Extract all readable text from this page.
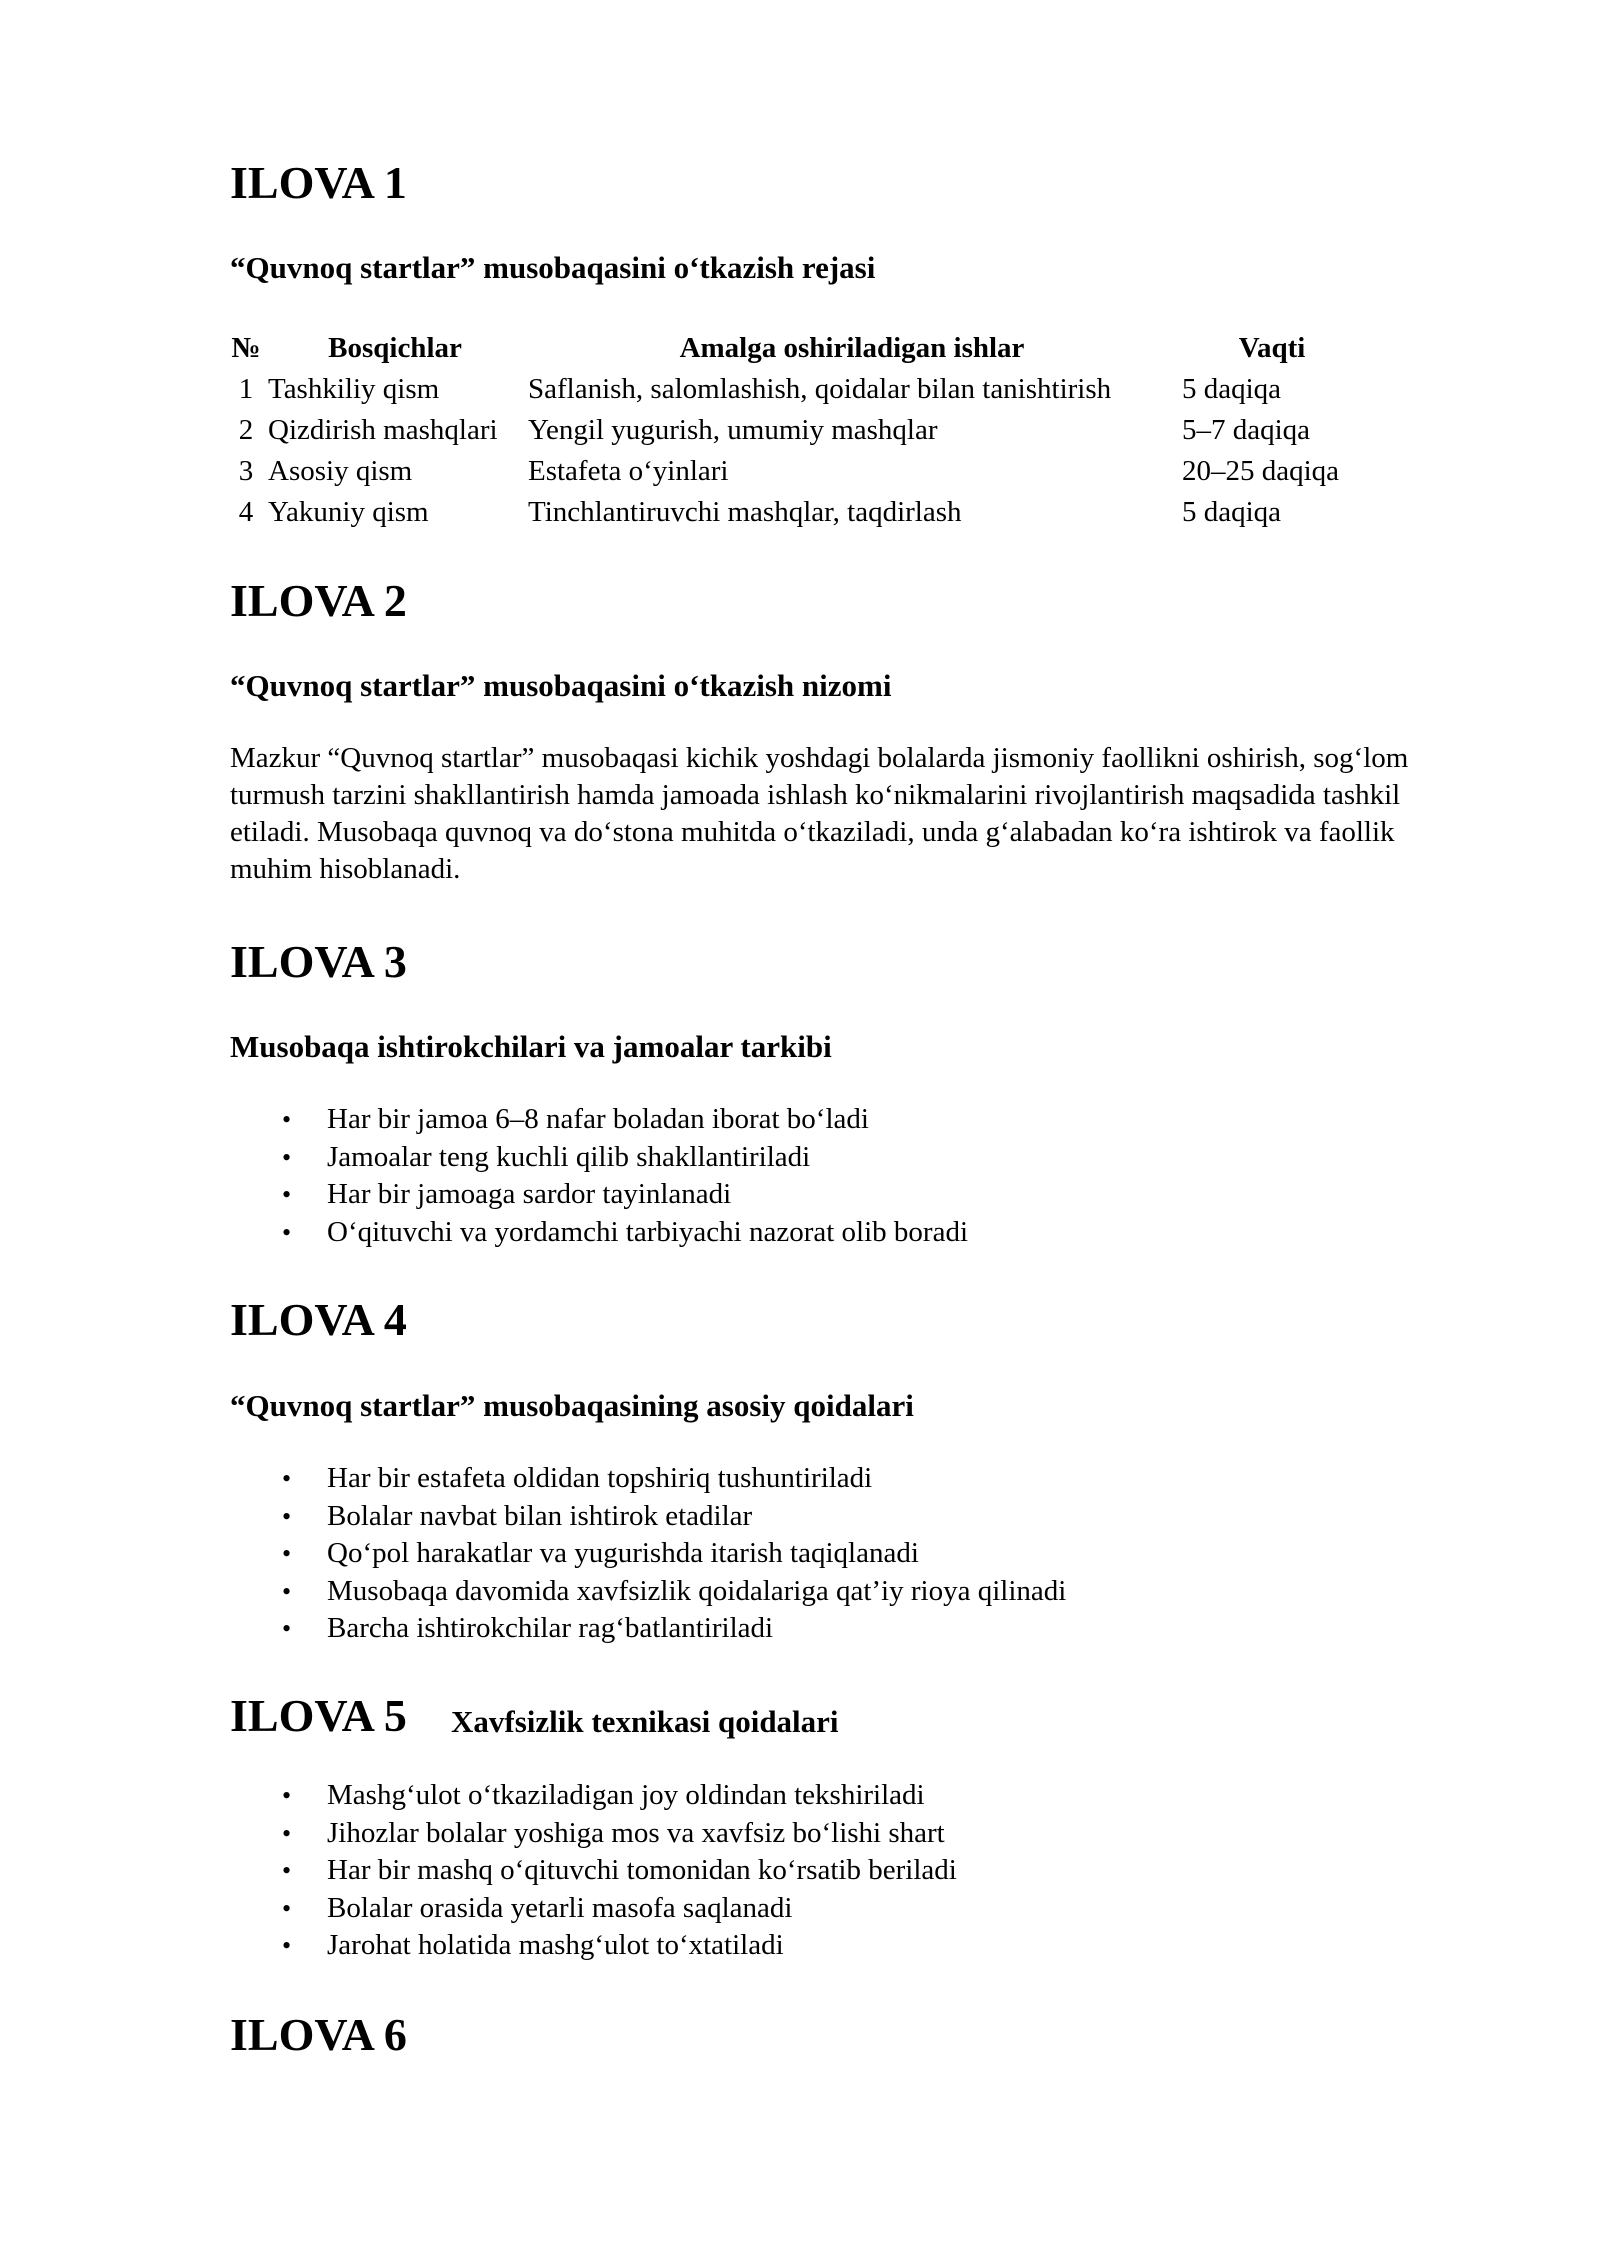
ILOVA 1
“Quvnoq startlar” musobaqasini o‘tkazish rejasi
№	Bosqichlar	Amalga oshiriladigan ishlar	Vaqti
1	Tashkiliy qism	Saflanish, salomlashish, qoidalar bilan tanishtirish	5 daqiqa
2	Qizdirish mashqlari	Yengil yugurish, umumiy mashqlar	5–7 daqiqa
3	Asosiy qism	Estafeta o‘yinlari	20–25 daqiqa
4	Yakuniy qism	Tinchlantiruvchi mashqlar, taqdirlash	5 daqiqa
ILOVA 2
“Quvnoq startlar” musobaqasini o‘tkazish nizomi

Mazkur “Quvnoq startlar” musobaqasi kichik yoshdagi bolalarda jismoniy faollikni oshirish, sog‘lom turmush tarzini shakllantirish hamda jamoada ishlash ko‘nikmalarini rivojlantirish maqsadida tashkil etiladi. Musobaqa quvnoq va do‘stona muhitda o‘tkaziladi, unda g‘alabadan ko‘ra ishtirok va faollik muhim hisoblanadi.

ILOVA 3
Musobaqa ishtirokchilari va jamoalar tarkibi
• Har bir jamoa 6–8 nafar boladan iborat bo‘ladi
• Jamoalar teng kuchli qilib shakllantiriladi
• Har bir jamoaga sardor tayinlanadi
• O‘qituvchi va yordamchi tarbiyachi nazorat olib boradi
ILOVA 4
“Quvnoq startlar” musobaqasining asosiy qoidalari
• Har bir estafeta oldidan topshiriq tushuntiriladi
• Bolalar navbat bilan ishtirok etadilar
• Qo‘pol harakatlar va yugurishda itarish taqiqlanadi
• Musobaqa davomida xavfsizlik qoidalariga qat’iy rioya qilinadi
• Barcha ishtirokchilar rag‘batlantiriladi
ILOVA 5 Xavfsizlik texnikasi qoidalari
• Mashg‘ulot o‘tkaziladigan joy oldindan tekshiriladi
• Jihozlar bolalar yoshiga mos va xavfsiz bo‘lishi shart
• Har bir mashq o‘qituvchi tomonidan ko‘rsatib beriladi
• Bolalar orasida yetarli masofa saqlanadi
• Jarohat holatida mashg‘ulot to‘xtatiladi
ILOVA 6
